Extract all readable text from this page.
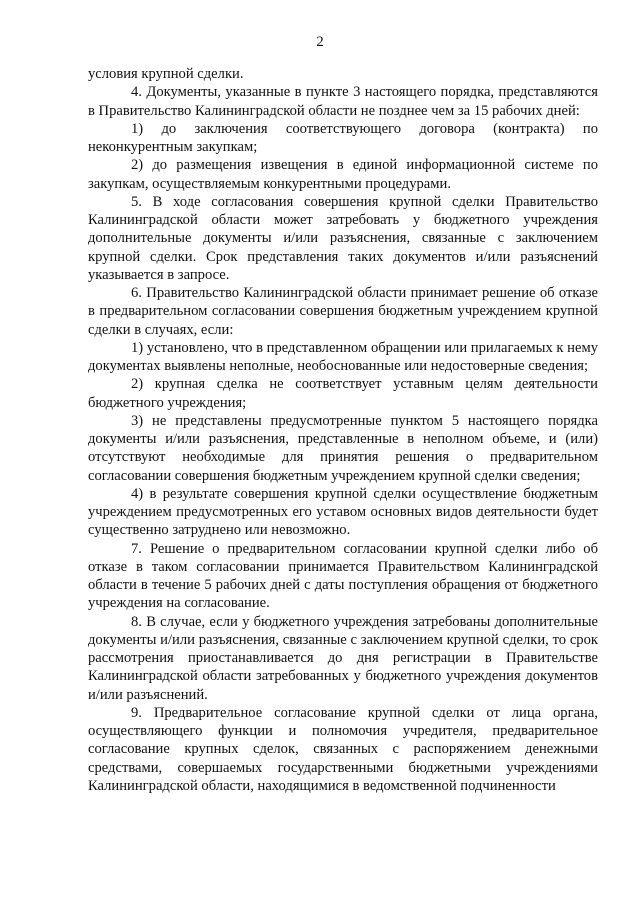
2

условия крупной сделки.

4. Документы, указанные в пункте 3 настоящего порядка, представляются в Правительство Калининградской области не позднее чем за 15 рабочих дней:

1) до заключения соответствующего договора (контракта) по неконкурентным закупкам;

2) до размещения извещения в единой информационной системе по закупкам, осуществляемым конкурентными процедурами.

5. В ходе согласования совершения крупной сделки Правительство Калининградской области может затребовать у бюджетного учреждения дополнительные документы и/или разъяснения, связанные с заключением крупной сделки. Срок представления таких документов и/или разъяснений указывается в запросе.

6. Правительство Калининградской области принимает решение об отказе в предварительном согласовании совершения бюджетным учреждением крупной сделки в случаях, если:

1) установлено, что в представленном обращении или прилагаемых к нему документах выявлены неполные, необоснованные или недостоверные сведения;

2) крупная сделка не соответствует уставным целям деятельности бюджетного учреждения;

3) не представлены предусмотренные пунктом 5 настоящего порядка документы и/или разъяснения, представленные в неполном объеме, и (или) отсутствуют необходимые для принятия решения о предварительном согласовании совершения бюджетным учреждением крупной сделки сведения;

4) в результате совершения крупной сделки осуществление бюджетным учреждением предусмотренных его уставом основных видов деятельности будет существенно затруднено или невозможно.

7. Решение о предварительном согласовании крупной сделки либо об отказе в таком согласовании принимается Правительством Калининградской области в течение 5 рабочих дней с даты поступления обращения от бюджетного учреждения на согласование.

8. В случае, если у бюджетного учреждения затребованы дополнительные документы и/или разъяснения, связанные с заключением крупной сделки, то срок рассмотрения приостанавливается до дня регистрации в Правительстве Калининградской области затребованных у бюджетного учреждения документов и/или разъяснений.

9. Предварительное согласование крупной сделки от лица органа, осуществляющего функции и полномочия учредителя, предварительное согласование крупных сделок, связанных с распоряжением денежными средствами, совершаемых государственными бюджетными учреждениями Калининградской области, находящимися в ведомственной подчиненности
